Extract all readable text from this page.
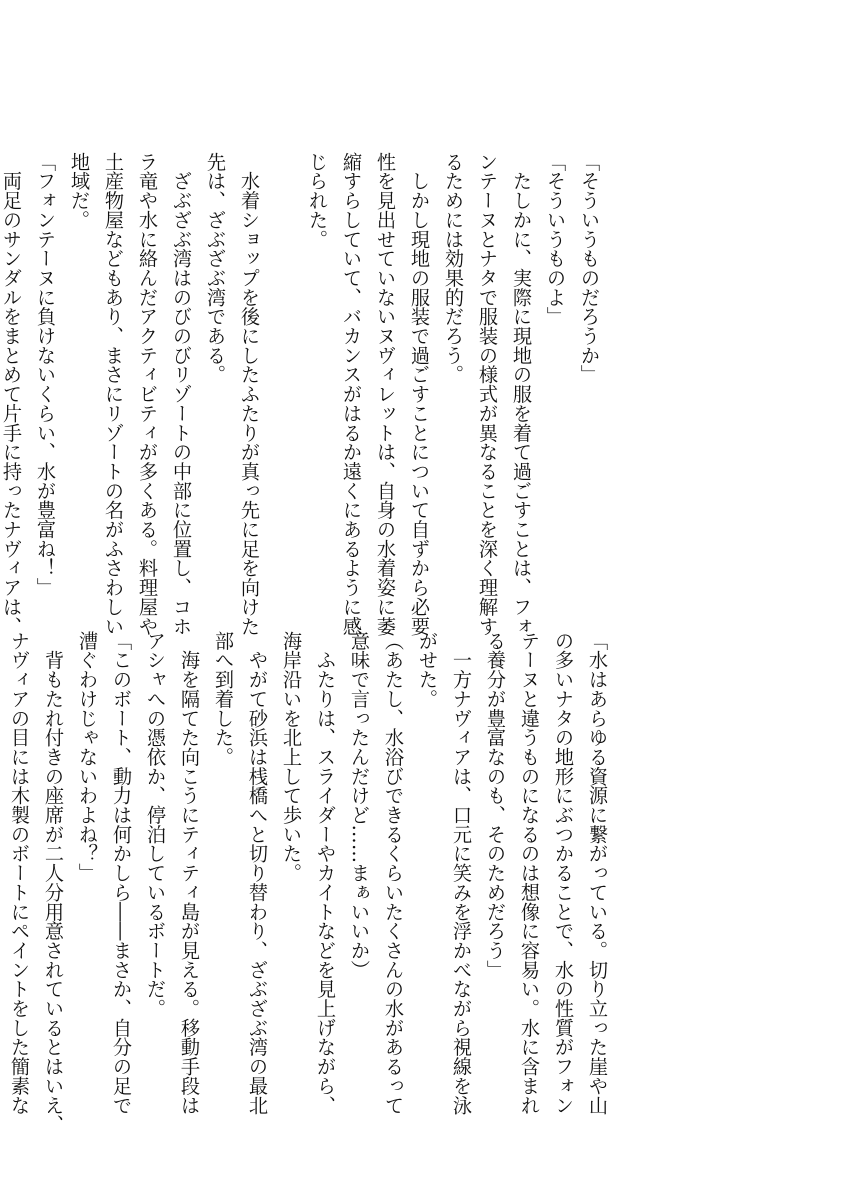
「そういうものだろうか」
「そういうものよ」
　たしかに、実際に現地の服を着て過ごすことは、フォ
ンテーヌとナタで服装の様式が異なることを深く理解す
るためには効果的だろう。
　しかし現地の服装で過ごすことについて自ずから必要
性を見出せていないヌヴィレットは、自身の水着姿に萎
縮すらしていて、バカンスがはるか遠くにあるように感
じられた。

　水着ショップを後にしたふたりが真っ先に足を向けた
先は、ざぶざぶ湾である。
　ざぶざぶ湾はのびのびリゾートの中部に位置し、コホ
ラ竜や水に絡んだアクティビティが多くある。料理屋や
土産物屋などもあり、まさにリゾートの名がふさわしい
地域だ。
「フォンテーヌに負けないくらい、水が豊富ね！」
　両足のサンダルをまとめて片手に持ったナヴィアは、
「水はあらゆる資源に繋がっている。切り立った崖や山
の多いナタの地形にぶつかることで、水の性質がフォン
テーヌと違うものになるのは想像に容易い。水に含まれ
る養分が豊富なのも、そのためだろう」
　一方ナヴィアは、口元に笑みを浮かべながら視線を泳
がせた。
（あたし、水浴びできるくらいたくさんの水があるって
意味で言ったんだけど……まぁいいか）
　ふたりは、スライダーやカイトなどを見上げながら、
海岸沿いを北上して歩いた。
　やがて砂浜は桟橋へと切り替わり、ざぶざぶ湾の最北
部へ到着した。
　海を隔てた向こうにティティ島が見える。移動手段は
アシャへの憑依か、停泊しているボートだ。
「このボート、動力は何かしら――まさか、自分の足で
漕ぐわけじゃないわよね？」
　背もたれ付きの座席が二人分用意されているとはいえ、
ナヴィアの目には木製のボートにペイントをした簡素な
